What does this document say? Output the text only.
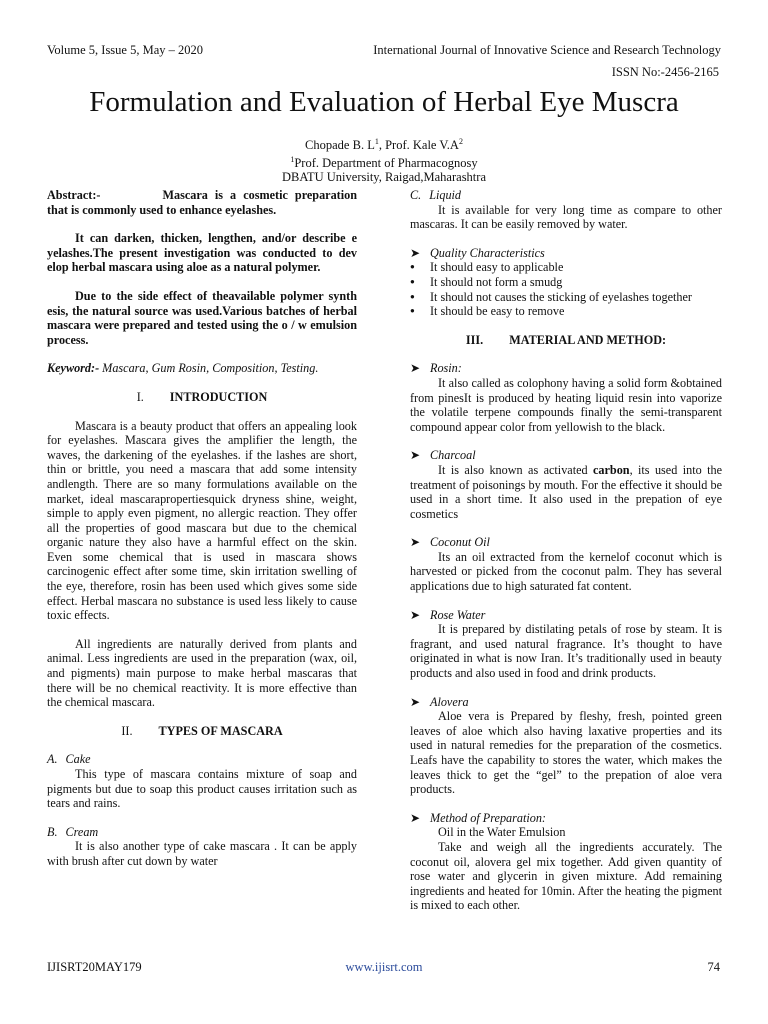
Volume 5, Issue 5, May – 2020	International Journal of Innovative Science and Research Technology
ISSN No:-2456-2165
Formulation and Evaluation of Herbal Eye Muscra
Chopade B. $L^1$, Prof. Kale $V.A^2$
$^1$Prof. Department of Pharmacognosy
DBATU University, Raigad,Maharashtra

Abstract:-	Mascara is a cosmetic preparation that is commonly used to enhance eyelashes.

It can darken, thicken, lengthen, and/or describe e yelashes.The present investigation was conducted to dev elop herbal mascara using aloe as a natural polymer.

Due to the side effect of theavailable polymer synth esis, the natural source was used.Various batches of herbal mascara were prepared and tested using the o / w emulsion process.

Keyword:- Mascara, Gum Rosin, Composition, Testing.

I. INTRODUCTION

Mascara is a beauty product that offers an appealing look for eyelashes. Mascara gives the amplifier the length, the waves, the darkening of the eyelashes. if the lashes are short, thin or brittle, you need a mascara that add some intensity andlength. There are so many formulations available on the market, ideal mascarapropertiesquick dryness shine, weight, simple to apply even pigment, no allergic reaction. They offer all the properties of good mascara but due to the chemical organic nature they also have a harmful effect on the skin. Even some chemical that is used in mascara shows carcinogenic effect after some time, skin irritation swelling of the eye, therefore, rosin has been used which gives some side effect. Herbal mascara no substance is used less likely to cause toxic effects.

All ingredients are naturally derived from plants and animal. Less ingredients are used in the preparation (wax, oil, and pigments) main purpose to make herbal mascaras that there will be no chemical reactivity. It is more effective than the chemical mascara.

II. TYPES OF MASCARA
A. Cake

This type of mascara contains mixture of soap and pigments but due to soap this product causes irritation such as tears and rains.

B. Cream

It is also another type of cake mascara . It can be apply with brush after cut down by water

C. Liquid

It is available for very long time as compare to other mascaras. It can be easily removed by water.

➤ Quality Characteristics
● It should easy to applicable
● It should not form a smudg
● It should not causes the sticking of eyelashes together
● It should be easy to remove
III. MATERIAL AND METHOD:
➤ Rosin:

It also called as colophony having a solid form &obtained from pinesIt is produced by heating liquid resin into vaporize the volatile terpene compounds finally the semi-transparent compound appear color from yellowish to the black.

➤ Charcoal

It is also known as activated carbon, its used into the treatment of poisonings by mouth. For the effective it should be used in a short time. It also used in the prepation of eye cosmetics

➤ Coconut Oil

Its an oil extracted from the kernelof coconut which is harvested or picked from the coconut palm. They has several applications due to high saturated fat content.

➤ Rose Water

It is prepared by distilating petals of rose by steam. It is fragrant, and used natural fragrance. It’s thought to have originated in what is now Iran. It’s traditionally used in beauty products and also used in food and drink products.

➤ Alovera

Aloe vera is Prepared by fleshy, fresh, pointed green leaves of aloe which also having laxative properties and its used in natural remedies for the preparation of the cosmetics. Leafs have the capability to stores the water, which makes the leaves thick to get the “gel” to the prepation of aloe vera products.

➤ Method of Preparation:
Oil in the Water Emulsion

Take and weigh all the ingredients accurately. The coconut oil, alovera gel mix together. Add given quantity of rose water and glycerin in given mixture. Add remaining ingredients and heated for 10min. After the heating the pigment is mixed to each other.

IJISRT20MAY179	www.ijisrt.com	74
